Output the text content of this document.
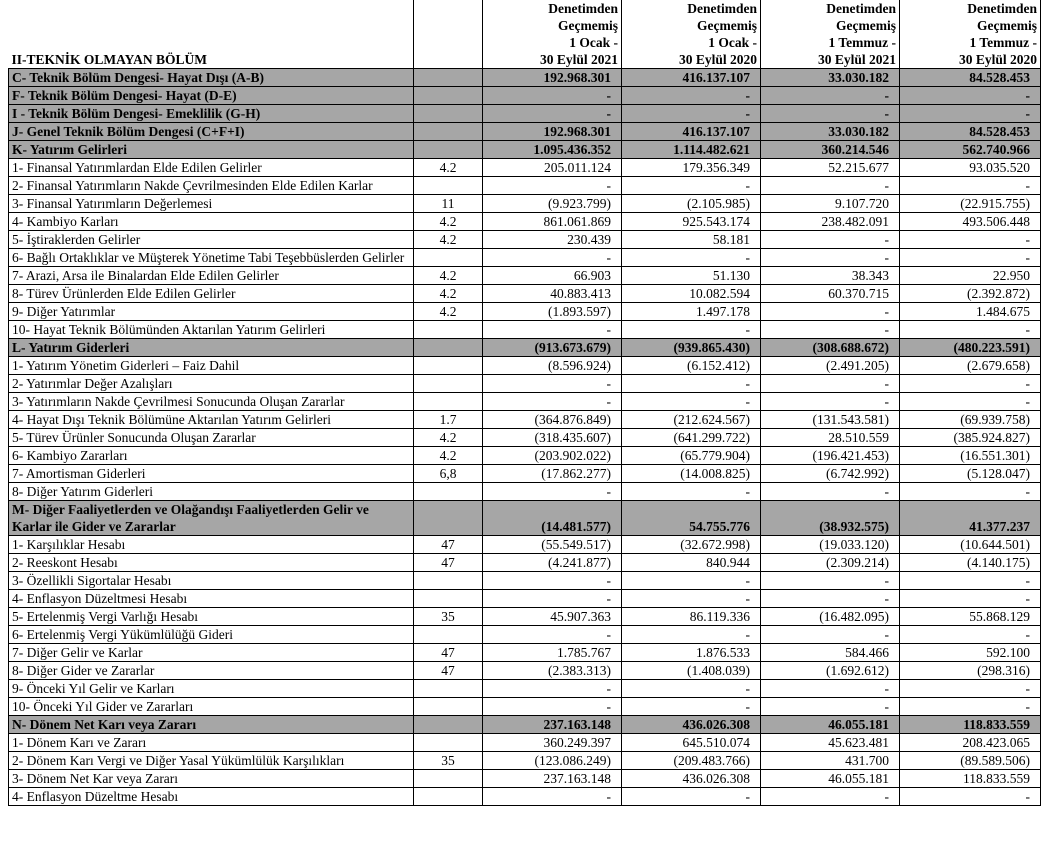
II-TEKNİK OLMAYAN BÖLÜM		Denetimden
Geçmemiş
1 Ocak -
30 Eylül 2021	Denetimden
Geçmemiş
1 Ocak -
30 Eylül 2020	Denetimden
Geçmemiş
1 Temmuz -
30 Eylül 2021	Denetimden
Geçmemiş
1 Temmuz -
30 Eylül 2020

C- Teknik Bölüm Dengesi- Hayat Dışı (A-B)		192.968.301	416.137.107	33.030.182	84.528.453
F- Teknik Bölüm Dengesi- Hayat (D-E)		-	-	-	-
I - Teknik Bölüm Dengesi- Emeklilik (G-H)		-	-	-	-
J- Genel Teknik Bölüm Dengesi (C+F+I)		192.968.301	416.137.107	33.030.182	84.528.453
K- Yatırım Gelirleri		1.095.436.352	1.114.482.621	360.214.546	562.740.966
1- Finansal Yatırımlardan Elde Edilen Gelirler	4.2	205.011.124	179.356.349	52.215.677	93.035.520
2- Finansal Yatırımların Nakde Çevrilmesinden Elde Edilen Karlar		-	-	-	-
3- Finansal Yatırımların Değerlemesi	11	(9.923.799)	(2.105.985)	9.107.720	(22.915.755)
4- Kambiyo Karları	4.2	861.061.869	925.543.174	238.482.091	493.506.448
5- İştiraklerden Gelirler	4.2	230.439	58.181	-	-
6- Bağlı Ortaklıklar ve Müşterek Yönetime Tabi Teşebbüslerden Gelirler		-	-	-	-
7- Arazi, Arsa ile Binalardan Elde Edilen Gelirler	4.2	66.903	51.130	38.343	22.950
8- Türev Ürünlerden Elde Edilen Gelirler	4.2	40.883.413	10.082.594	60.370.715	(2.392.872)
9- Diğer Yatırımlar	4.2	(1.893.597)	1.497.178	-	1.484.675
10- Hayat Teknik Bölümünden Aktarılan Yatırım Gelirleri		-	-	-	-
L- Yatırım Giderleri		(913.673.679)	(939.865.430)	(308.688.672)	(480.223.591)
1- Yatırım Yönetim Giderleri – Faiz Dahil		(8.596.924)	(6.152.412)	(2.491.205)	(2.679.658)
2- Yatırımlar Değer Azalışları		-	-	-	-
3- Yatırımların Nakde Çevrilmesi Sonucunda Oluşan Zararlar		-	-	-	-
4- Hayat Dışı Teknik Bölümüne Aktarılan Yatırım Gelirleri	1.7	(364.876.849)	(212.624.567)	(131.543.581)	(69.939.758)
5- Türev Ürünler Sonucunda Oluşan Zararlar	4.2	(318.435.607)	(641.299.722)	28.510.559	(385.924.827)
6- Kambiyo Zararları	4.2	(203.902.022)	(65.779.904)	(196.421.453)	(16.551.301)
7- Amortisman Giderleri	6,8	(17.862.277)	(14.008.825)	(6.742.992)	(5.128.047)
8- Diğer Yatırım Giderleri		-	-	-	-
M- Diğer Faaliyetlerden ve Olağandışı Faaliyetlerden Gelir ve Karlar ile Gider ve Zararlar		(14.481.577)	54.755.776	(38.932.575)	41.377.237
1- Karşılıklar Hesabı	47	(55.549.517)	(32.672.998)	(19.033.120)	(10.644.501)
2- Reeskont Hesabı	47	(4.241.877)	840.944	(2.309.214)	(4.140.175)
3- Özellikli Sigortalar Hesabı		-	-	-	-
4- Enflasyon Düzeltmesi Hesabı		-	-	-	-
5- Ertelenmiş Vergi Varlığı Hesabı	35	45.907.363	86.119.336	(16.482.095)	55.868.129
6- Ertelenmiş Vergi Yükümlülüğü Gideri		-	-	-	-
7- Diğer Gelir ve Karlar	47	1.785.767	1.876.533	584.466	592.100
8- Diğer Gider ve Zararlar	47	(2.383.313)	(1.408.039)	(1.692.612)	(298.316)
9- Önceki Yıl Gelir ve Karları		-	-	-	-
10- Önceki Yıl Gider ve Zararları		-	-	-	-
N- Dönem Net Karı veya Zararı		237.163.148	436.026.308	46.055.181	118.833.559
1- Dönem Karı ve Zararı		360.249.397	645.510.074	45.623.481	208.423.065
2- Dönem Karı Vergi ve Diğer Yasal Yükümlülük Karşılıkları	35	(123.086.249)	(209.483.766)	431.700	(89.589.506)
3- Dönem Net Kar veya Zararı		237.163.148	436.026.308	46.055.181	118.833.559
4- Enflasyon Düzeltme Hesabı		-	-	-	-
